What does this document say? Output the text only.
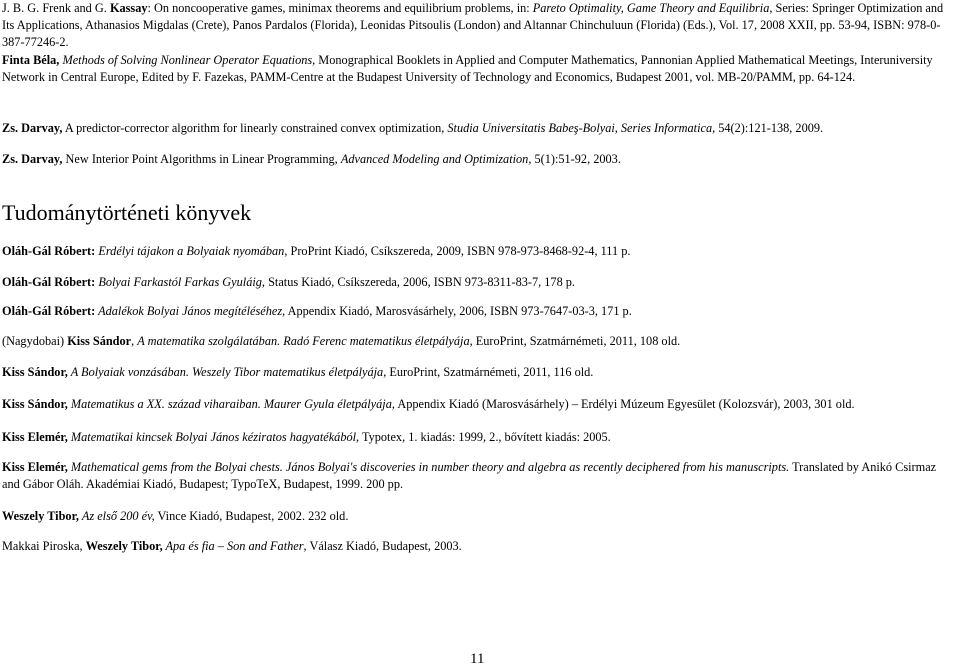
J. B. G. Frenk and G. Kassay: On noncooperative games, minimax theorems and equilibrium problems, in: Pareto Optimality, Game Theory and Equilibria, Series: Springer Optimization and Its Applications, Athanasios Migdalas (Crete), Panos Pardalos (Florida), Leonidas Pitsoulis (London) and Altannar Chinchuluun (Florida) (Eds.), Vol. 17, 2008 XXII, pp. 53-94, ISBN: 978-0-387-77246-2.

Finta Béla, Methods of Solving Nonlinear Operator Equations, Monographical Booklets in Applied and Computer Mathematics, Pannonian Applied Mathematical Meetings, Interuniversity Network in Central Europe, Edited by F. Fazekas, PAMM-Centre at the Budapest University of Technology and Economics, Budapest 2001, vol. MB-20/PAMM, pp. 64-124.

Zs. Darvay, A predictor-corrector algorithm for linearly constrained convex optimization, Studia Universitatis Babeş-Bolyai, Series Informatica, 54(2):121-138, 2009.

Zs. Darvay, New Interior Point Algorithms in Linear Programming, Advanced Modeling and Optimization, 5(1):51-92, 2003.

Tudománytörténeti könyvek

Oláh-Gál Róbert: Erdélyi tájakon a Bolyaiak nyomában, ProPrint Kiadó, Csíkszereda, 2009, ISBN 978-973-8468-92-4, 111 p.

Oláh-Gál Róbert: Bolyai Farkastól Farkas Gyuláig, Status Kiadó, Csíkszereda, 2006, ISBN 973-8311-83-7, 178 p.

Oláh-Gál Róbert: Adalékok Bolyai János megítéléséhez, Appendix Kiadó, Marosvásárhely, 2006, ISBN 973-7647-03-3, 171 p.

(Nagydobai) Kiss Sándor, A matematika szolgálatában. Radó Ferenc matematikus életpályája, EuroPrint, Szatmárnémeti, 2011, 108 old.

Kiss Sándor, A Bolyaiak vonzásában. Weszely Tibor matematikus életpályája, EuroPrint, Szatmárnémeti, 2011, 116 old.

Kiss Sándor, Matematikus a XX. század viharaiban. Maurer Gyula életpályája, Appendix Kiadó (Marosvásárhely) – Erdélyi Múzeum Egyesület (Kolozsvár), 2003, 301 old.

Kiss Elemér, Matematikai kincsek Bolyai János kéziratos hagyatékából, Typotex, 1. kiadás: 1999, 2., bővített kiadás: 2005.

Kiss Elemér, Mathematical gems from the Bolyai chests. János Bolyai's discoveries in number theory and algebra as recently deciphered from his manuscripts. Translated by Anikó Csirmaz and Gábor Oláh. Akadémiai Kiadó, Budapest; TypoTeX, Budapest, 1999. 200 pp.

Weszely Tibor, Az első 200 év, Vince Kiadó, Budapest, 2002. 232 old.

Makkai Piroska, Weszely Tibor, Apa és fia – Son and Father, Válasz Kiadó, Budapest, 2003.

11
